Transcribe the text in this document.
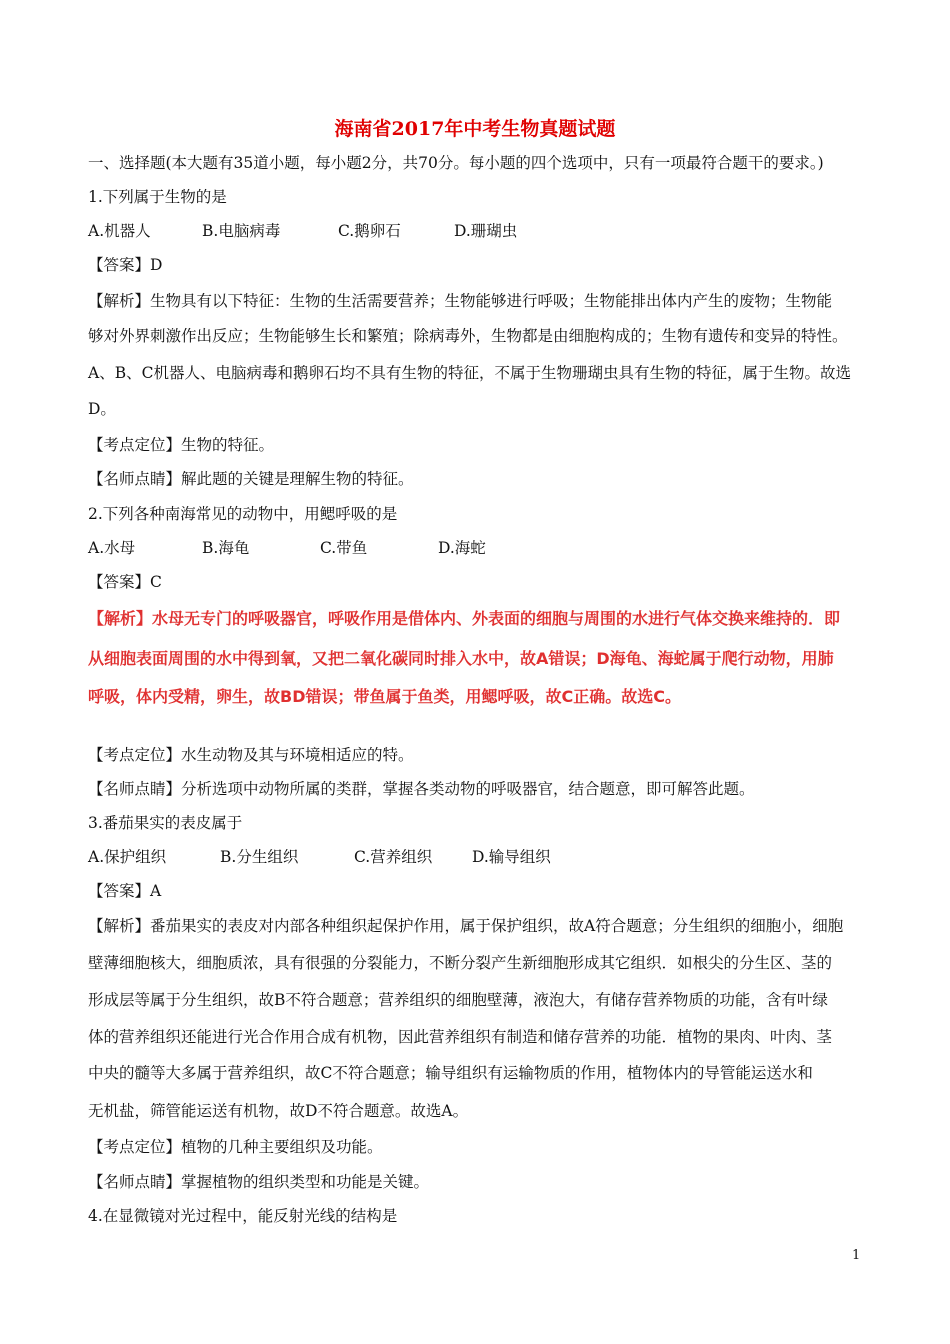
海南省2017年中考生物真题试题
一、选择题(本大题有35道小题，每小题2分，共70分。每小题的四个选项中，只有一项最符合题干的要求。)
1.下列属于生物的是
A.机器人	B.电脑病毒	C.鹅卵石	D.珊瑚虫
【答案】D
【解析】生物具有以下特征：生物的生活需要营养；生物能够进行呼吸；生物能排出体内产生的废物；生物能
够对外界刺激作出反应；生物能够生长和繁殖；除病毒外，生物都是由细胞构成的；生物有遗传和变异的特性。
A、B、C机器人、电脑病毒和鹅卵石均不具有生物的特征，不属于生物珊瑚虫具有生物的特征，属于生物。故选
D。
【考点定位】生物的特征。
【名师点睛】解此题的关键是理解生物的特征。
2.下列各种南海常见的动物中，用鳃呼吸的是
A.水母	B.海龟	C.带鱼	D.海蛇
【答案】C
【解析】水母无专门的呼吸器官，呼吸作用是借体内、外表面的细胞与周围的水进行气体交换来维持的．即
从细胞表面周围的水中得到氧，又把二氧化碳同时排入水中，故A错误；D海龟、海蛇属于爬行动物，用肺
呼吸，体内受精，卵生，故BD错误；带鱼属于鱼类，用鳃呼吸，故C正确。故选C。
【考点定位】水生动物及其与环境相适应的特。
【名师点睛】分析选项中动物所属的类群，掌握各类动物的呼吸器官，结合题意，即可解答此题。
3.番茄果实的表皮属于
A.保护组织	B.分生组织	C.营养组织	D.输导组织
【答案】A
【解析】番茄果实的表皮对内部各种组织起保护作用，属于保护组织，故A符合题意；分生组织的细胞小，细胞
壁薄细胞核大，细胞质浓，具有很强的分裂能力，不断分裂产生新细胞形成其它组织．如根尖的分生区、茎的
形成层等属于分生组织，故B不符合题意；营养组织的细胞壁薄，液泡大，有储存营养物质的功能，含有叶绿
体的营养组织还能进行光合作用合成有机物，因此营养组织有制造和储存营养的功能．植物的果肉、叶肉、茎
中央的髓等大多属于营养组织，故C不符合题意；输导组织有运输物质的作用，植物体内的导管能运送水和
无机盐，筛管能运送有机物，故D不符合题意。故选A。
【考点定位】植物的几种主要组织及功能。
【名师点睛】掌握植物的组织类型和功能是关键。
4.在显微镜对光过程中，能反射光线的结构是
1
